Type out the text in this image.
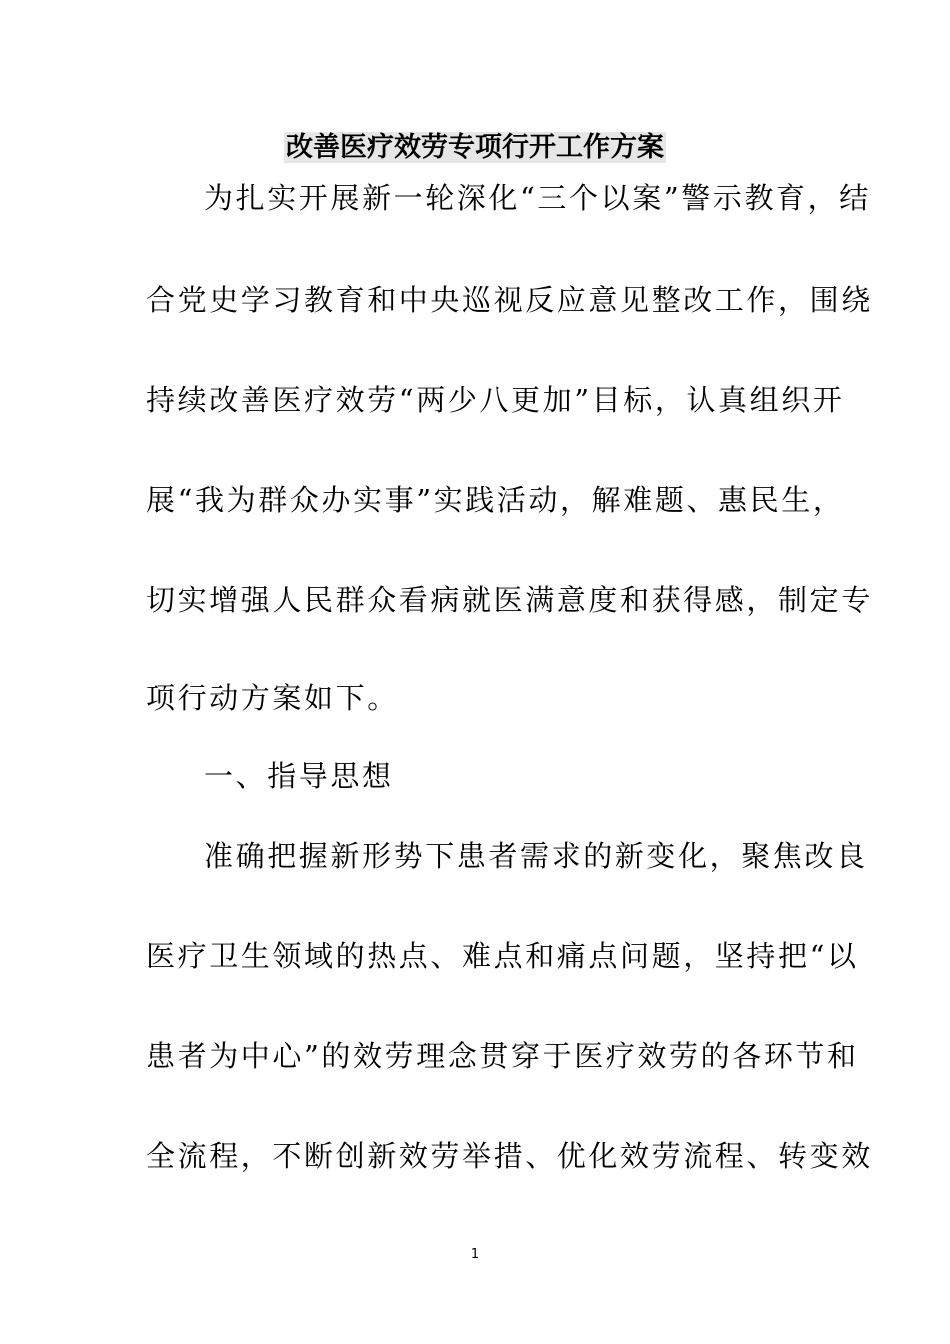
改善医疗效劳专项行开工作方案
为扎实开展新一轮深化“三个以案”警示教育，结
合党史学习教育和中央巡视反应意见整改工作，围绕
持续改善医疗效劳“两少八更加”目标，认真组织开
展“我为群众办实事”实践活动，解难题、惠民生，
切实增强人民群众看病就医满意度和获得感，制定专
项行动方案如下。
一、指导思想
准确把握新形势下患者需求的新变化，聚焦改良
医疗卫生领域的热点、难点和痛点问题，坚持把“以
患者为中心”的效劳理念贯穿于医疗效劳的各环节和
全流程，不断创新效劳举措、优化效劳流程、转变效
1
